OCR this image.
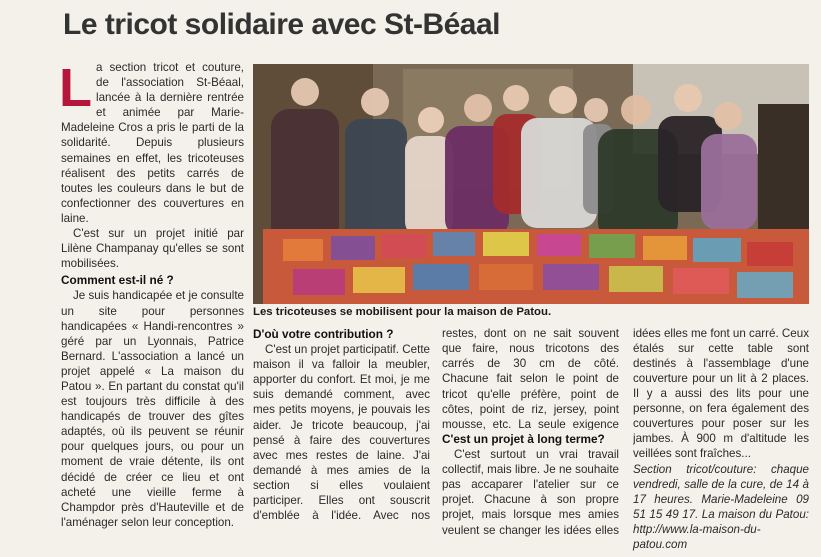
Le tricot solidaire avec St-Béaal

La section tricot et couture, de l'association St-Béaal, lancée à la dernière rentrée et animée par Marie-Madeleine Cros a pris le parti de la solidarité. Depuis plusieurs semaines en effet, les tricoteuses réalisent des petits carrés de toutes les couleurs dans le but de confectionner des couvertures en laine.

C'est sur un projet initié par Lilène Champanay qu'elles se sont mobilisées.

Comment est-il né ?

Je suis handicapée et je consulte un site pour personnes handicapées « Handi-rencontres » géré par un Lyonnais, Patrice Bernard. L'association a lancé un projet appelé « La maison du Patou ». En partant du constat qu'il est toujours très difficile à des handicapés de trouver des gîtes adaptés, où ils peuvent se réunir pour quelques jours, ou pour un moment de vraie détente, ils ont décidé de créer ce lieu et ont acheté une vieille ferme à Champdor près d'Hauteville et de l'aménager selon leur conception.

Les tricoteuses se mobilisent pour la maison de Patou.
D'où votre contribution ?

C'est un projet participatif. Cette maison il va falloir la meubler, apporter du confort. Et moi, je me suis demandé comment, avec mes petits moyens, je pouvais les aider. Je tricote beaucoup, j'ai pensé à faire des couvertures avec mes restes de laine. J'ai demandé à mes amies de la section si elles voulaient participer. Elles ont souscrit d'emblée à l'idée. Avec nos

restes, dont on ne sait souvent que faire, nous tricotons des carrés de 30 cm de côté. Chacune fait selon le point de tricot qu'elle préfère, point de côtes, point de riz, jersey, point mousse, etc. La seule exigence

C'est un projet à long terme?

C'est surtout un vrai travail collectif, mais libre. Je ne souhaite pas accaparer l'atelier sur ce projet. Chacune à son propre projet, mais lorsque mes amies veulent se changer les idées elles

idées elles me font un carré. Ceux étalés sur cette table sont destinés à l'assemblage d'une couverture pour un lit à 2 places. Il y a aussi des lits pour une personne, on fera également des couvertures pour poser sur les jambes. À 900 m d'altitude les veillées sont fraîches...

Section tricot/couture: chaque vendredi, salle de la cure, de 14 à 17 heures. Marie-Madeleine 09 51 15 49 17. La maison du Patou: http://www.la-maison-du-patou.com
